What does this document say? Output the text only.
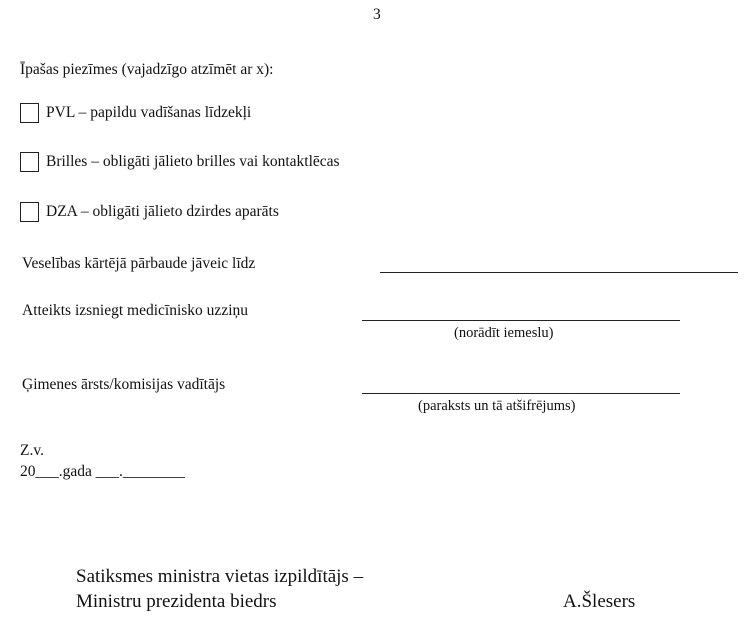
3
Īpašas piezīmes (vajadzīgo atzīmēt ar x):
PVL – papildu vadīšanas līdzekļi
Brilles – obligāti jālieto brilles vai kontaktlēcas
DZA – obligāti jālieto dzirdes aparāts
Veselības kārtējā pārbaude jāveic līdz
Atteikts izsniegt medicīnisko uzziņu
(norādīt iemeslu)
Ģimenes ārsts/komisijas vadītājs
(paraksts un tā atšifrējums)
Z.v.
20___.gada ___.________
Satiksmes ministra vietas izpildītājs –
Ministru prezidenta biedrs	A.Šlesers
